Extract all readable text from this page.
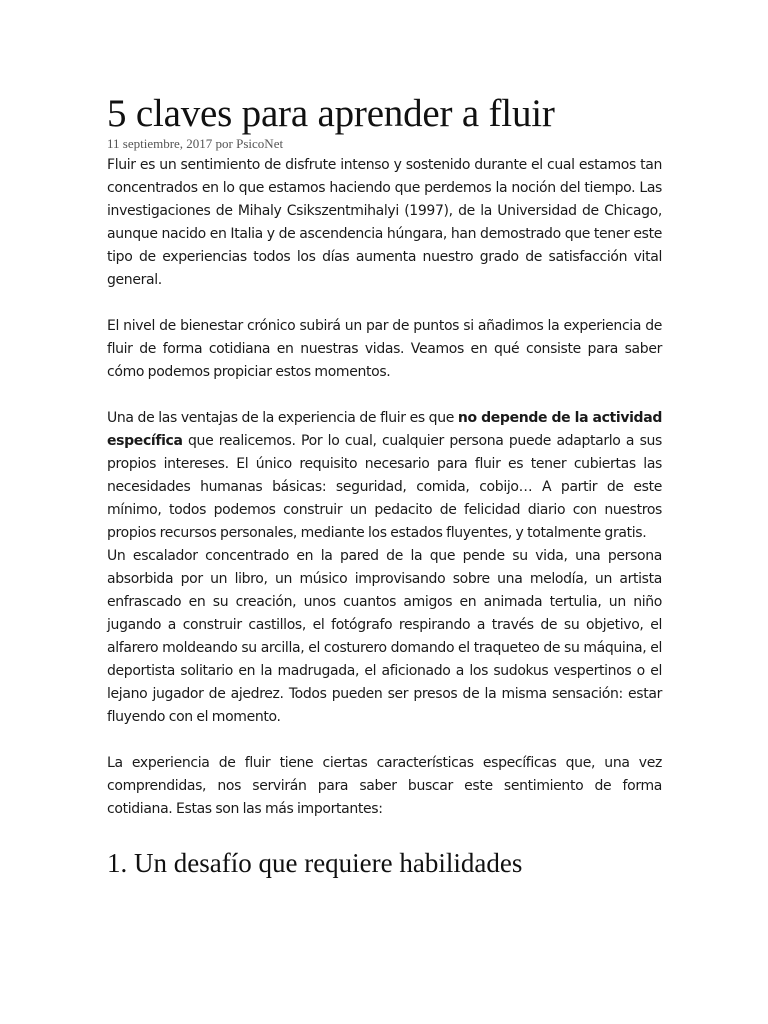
5 claves para aprender a fluir
11 septiembre, 2017 por PsicoNet

Fluir es un sentimiento de disfrute intenso y sostenido durante el cual estamos tan concentrados en lo que estamos haciendo que perdemos la noción del tiempo. Las investigaciones de Mihaly Csikszentmihalyi (1997), de la Universidad de Chicago, aunque nacido en Italia y de ascendencia húngara, han demostrado que tener este tipo de experiencias todos los días aumenta nuestro grado de satisfacción vital general.

El nivel de bienestar crónico subirá un par de puntos si añadimos la experiencia de fluir de forma cotidiana en nuestras vidas. Veamos en qué consiste para saber cómo podemos propiciar estos momentos.

Una de las ventajas de la experiencia de fluir es que no depende de la actividad específica que realicemos. Por lo cual, cualquier persona puede adaptarlo a sus propios intereses. El único requisito necesario para fluir es tener cubiertas las necesidades humanas básicas: seguridad, comida, cobijo… A partir de este mínimo, todos podemos construir un pedacito de felicidad diario con nuestros propios recursos personales, mediante los estados fluyentes, y totalmente gratis.

Un escalador concentrado en la pared de la que pende su vida, una persona absorbida por un libro, un músico improvisando sobre una melodía, un artista enfrascado en su creación, unos cuantos amigos en animada tertulia, un niño jugando a construir castillos, el fotógrafo respirando a través de su objetivo, el alfarero moldeando su arcilla, el costurero domando el traqueteo de su máquina, el deportista solitario en la madrugada, el aficionado a los sudokus vespertinos o el lejano jugador de ajedrez. Todos pueden ser presos de la misma sensación: estar fluyendo con el momento.

La experiencia de fluir tiene ciertas características específicas que, una vez comprendidas, nos servirán para saber buscar este sentimiento de forma cotidiana. Estas son las más importantes:

1. Un desafío que requiere habilidades
